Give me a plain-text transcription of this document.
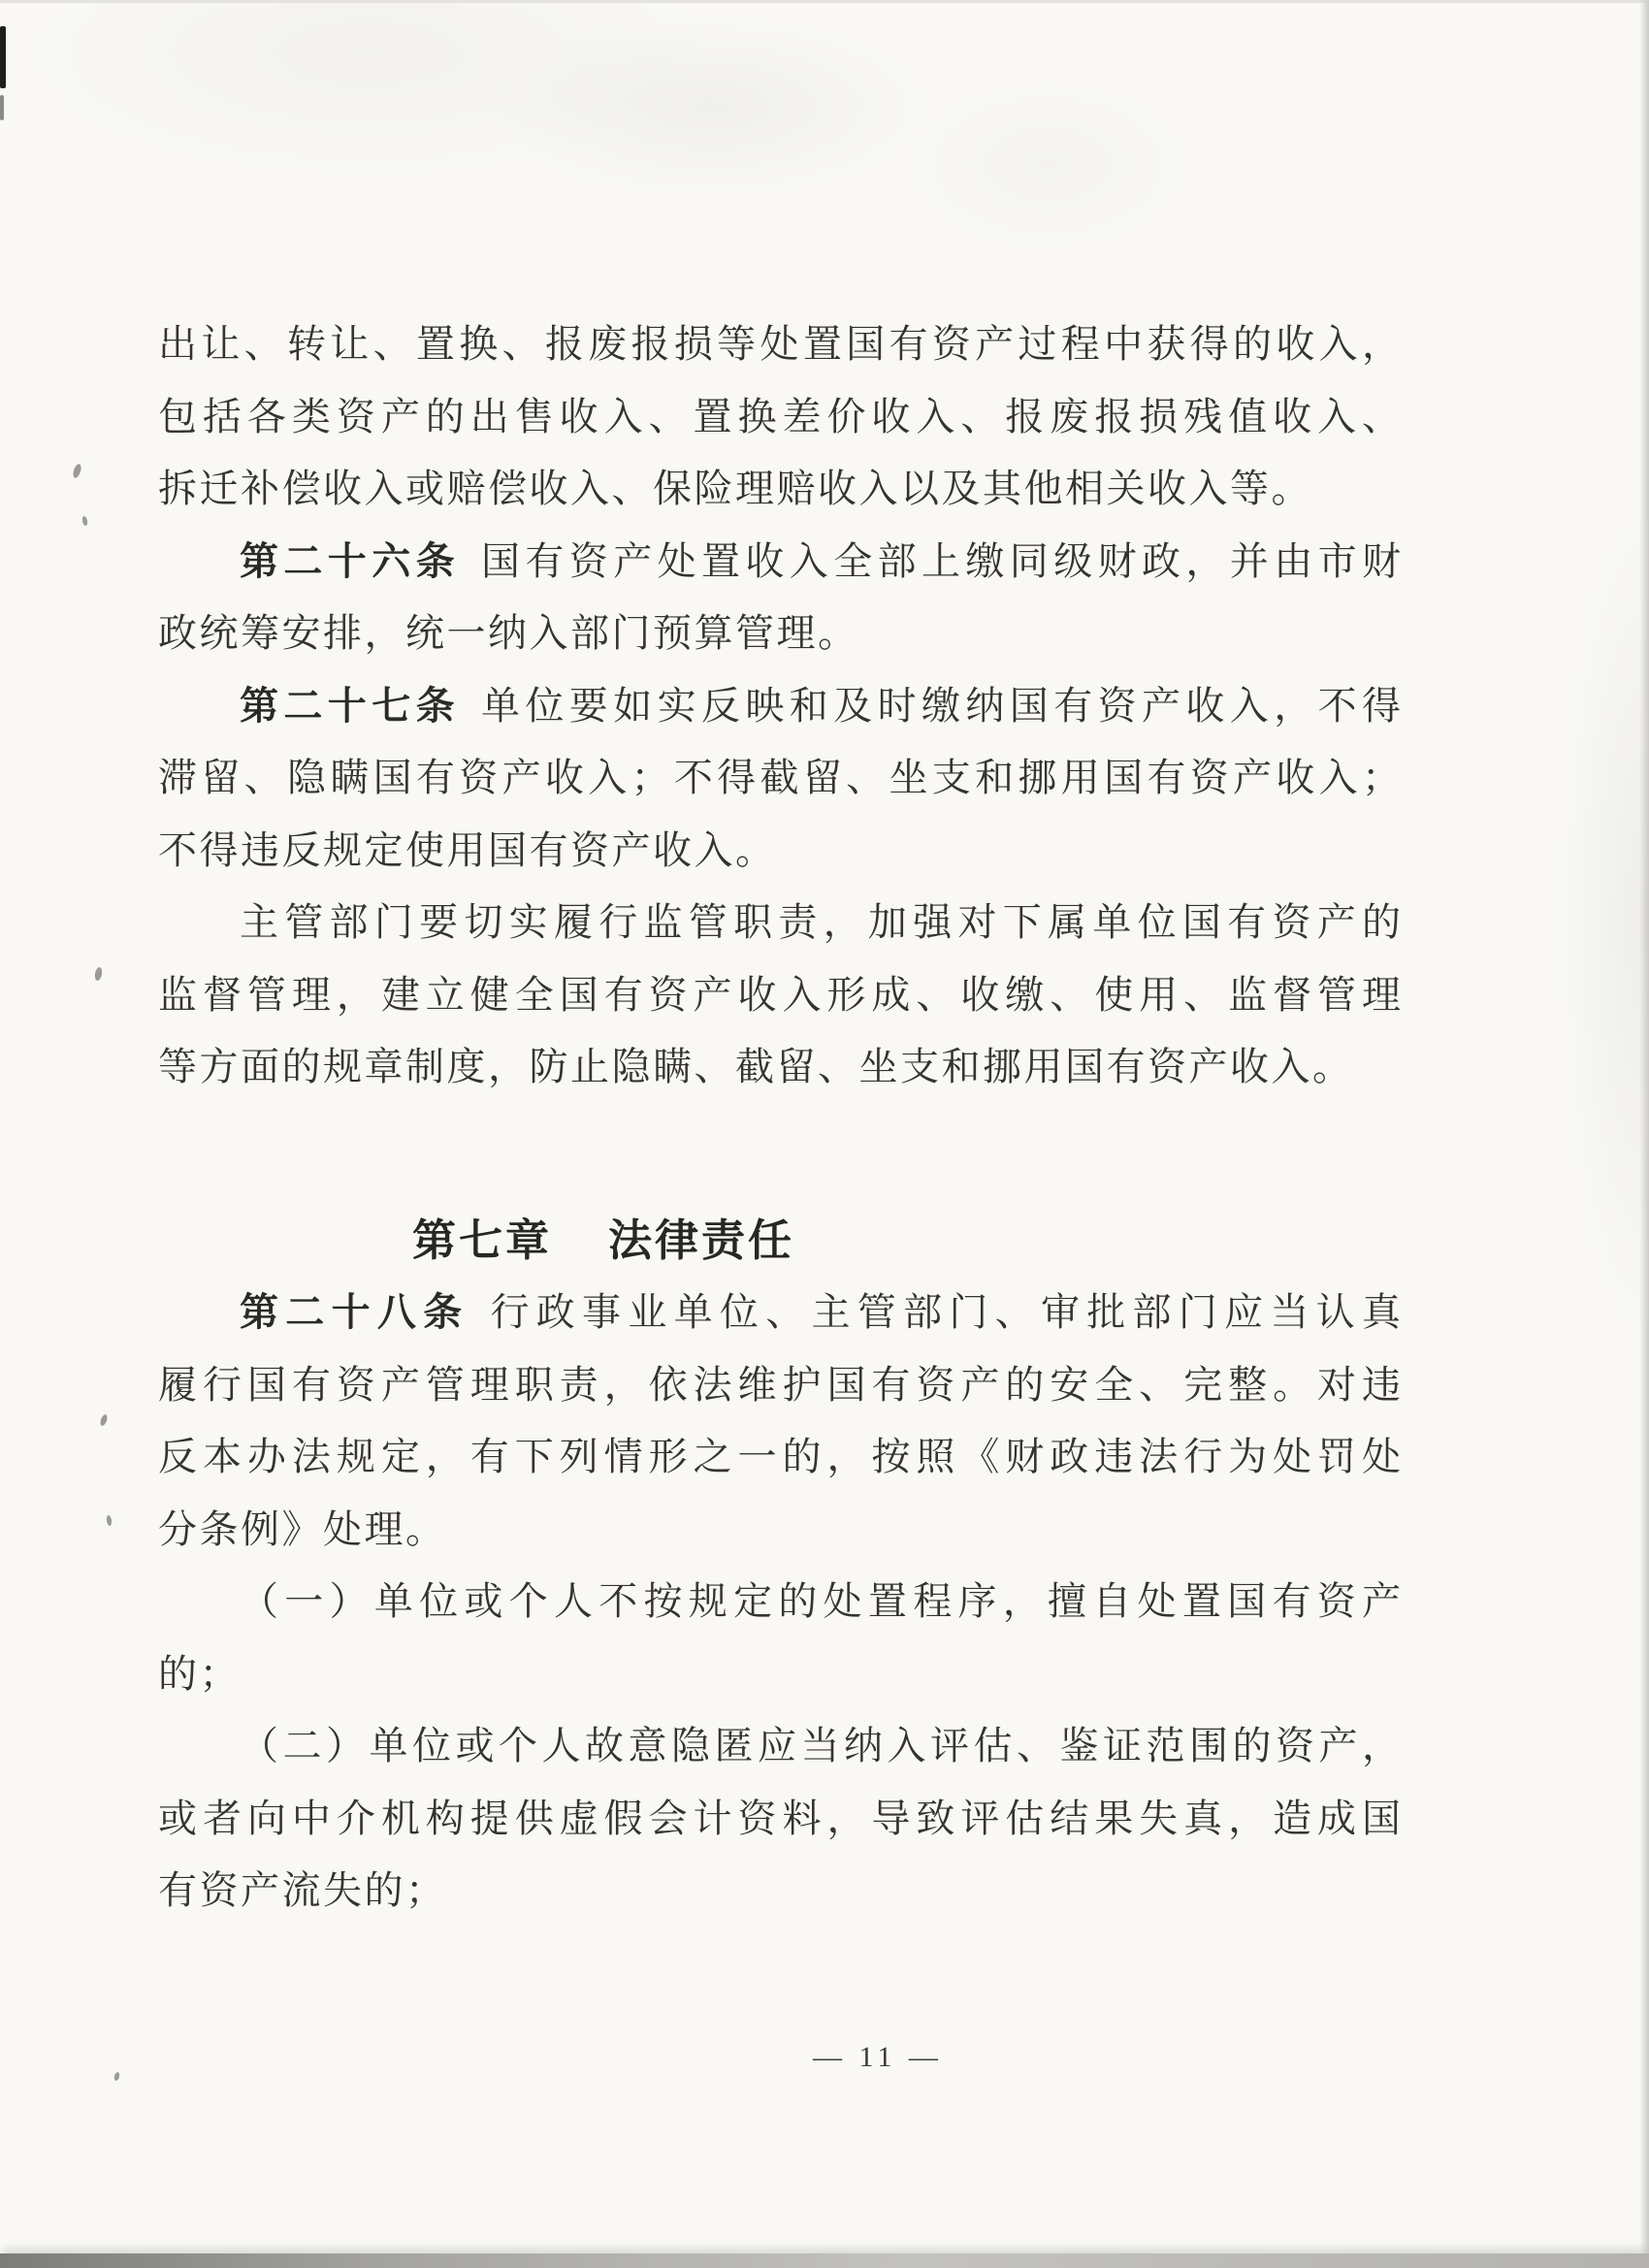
出让、转让、置换、报废报损等处置国有资产过程中获得的收入，
包括各类资产的出售收入、置换差价收入、报废报损残值收入、
拆迁补偿收入或赔偿收入、保险理赔收入以及其他相关收入等。
第二十六条 国有资产处置收入全部上缴同级财政，并由市财
政统筹安排，统一纳入部门预算管理。
第二十七条 单位要如实反映和及时缴纳国有资产收入，不得
滞留、隐瞒国有资产收入；不得截留、坐支和挪用国有资产收入；
不得违反规定使用国有资产收入。
主管部门要切实履行监管职责，加强对下属单位国有资产的
监督管理，建立健全国有资产收入形成、收缴、使用、监督管理
等方面的规章制度，防止隐瞒、截留、坐支和挪用国有资产收入。
第七章 法律责任
第二十八条 行政事业单位、主管部门、审批部门应当认真
履行国有资产管理职责，依法维护国有资产的安全、完整。对违
反本办法规定，有下列情形之一的，按照《财政违法行为处罚处
分条例》处理。
（一）单位或个人不按规定的处置程序，擅自处置国有资产
的；
（二）单位或个人故意隐匿应当纳入评估、鉴证范围的资产，
或者向中介机构提供虚假会计资料，导致评估结果失真，造成国
有资产流失的；
— 11 —
